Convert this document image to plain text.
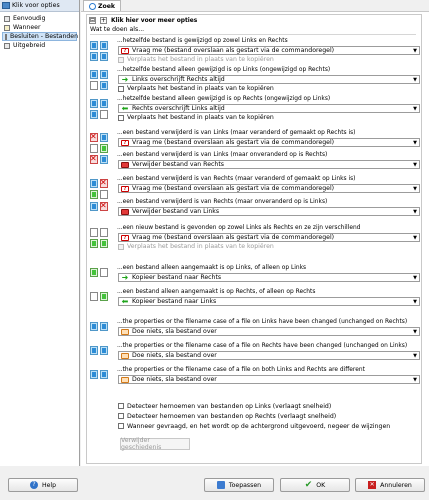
Klik voor opties
Eenvoudig
Wanneer
Besluiten - Bestanden
Uitgebreid
Zoek
⊟ + Klik hier voor meer opties
Wat te doen als...
...hetzelfde bestand is gewijzigd op zowel Links en Rechts
? Vraag me (bestand overslaan als gestart via de commandoregel)	▼
Verplaats het bestand in plaats van te kopiëren
...hetzelfde bestand alleen gewijzigd is op Links (ongewijzigd op Rechts)
➜ Links overschrijft Rechts altijd	▼
Verplaats het bestand in plaats van te kopiëren
...hetzelfde bestand alleen gewijzigd is op Rechts (ongewijzigd op Links)
⬅ Rechts overschrijft Links altijd	▼
Verplaats het bestand in plaats van te kopiëren
✕	...een bestand verwijderd is van Links (maar veranderd of gemaakt op Rechts is)
? Vraag me (bestand overslaan als gestart via de commandoregel)	▼
✕	...een bestand verwijderd is van Links (maar onveranderd op is Rechts)
Verwijder bestand van Rechts	▼
✕ ...een bestand verwijderd is van Rechts (maar veranderd of gemaakt op Links is)
? Vraag me (bestand overslaan als gestart via de commandoregel)	▼
✕ ...een bestand verwijderd is van Rechts (maar onveranderd op is Links)
Verwijder bestand van Links	▼
...een nieuw bestand is gevonden op zowel Links als Rechts en ze zijn verschillend
? Vraag me (bestand overslaan als gestart via de commandoregel)	▼
Verplaats het bestand in plaats van te kopiëren
...een bestand alleen aangemaakt is op Links, of alleen op Links
➜ Kopieer bestand naar Rechts	▼
...een bestand alleen aangemaakt is op Rechts, of alleen op Rechts
⬅ Kopieer bestand naar Links	▼
...the properties or the filename case of a file on Links have been changed (unchanged on Rechts)
Doe niets, sla bestand over	▼
...the properties or the filename case of a file on Rechts have been changed (unchanged on Links)
Doe niets, sla bestand over	▼
...the properties or the filename case of a file on both Links and Rechts are different
Doe niets, sla bestand over	▼
Detecteer hernoemen van bestanden op Links (verlaagt snelheid)
Detecteer hernoemen van bestanden op Rechts (verlaagt snelheid)
Wanneer gevraagd, en het wordt op de achtergrond uitgevoerd, negeer de wijzingen
Verwijder geschiedenis
?	Help	Toepassen	✔ OK	✕ Annuleren
